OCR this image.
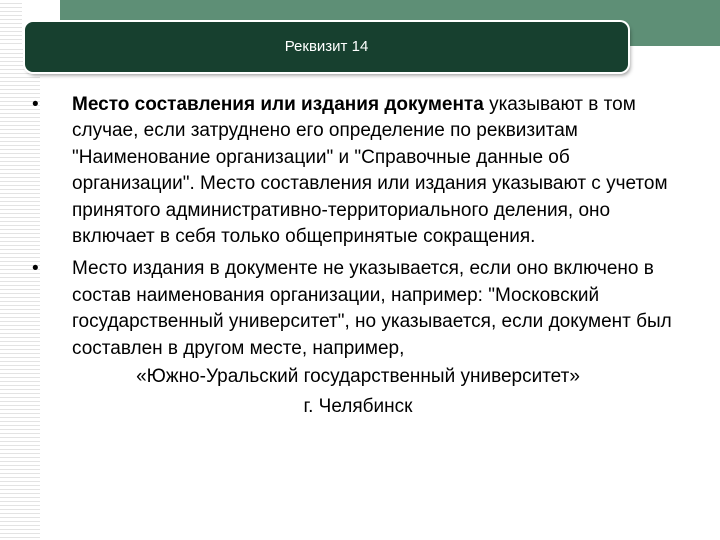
Реквизит 14
•	Место составления или издания документа указывают в том случае, если затруднено его определение по реквизитам "Наименование организации" и "Справочные данные об организации". Место составления или издания указывают с учетом принятого административно-территориального деления, оно включает в себя только общепринятые сокращения.
•	Место издания в документе не указывается, если оно включено в состав наименования организации, например: "Московский государственный университет", но указывается, если документ был составлен в другом месте, например,
«Южно-Уральский государственный университет»
г. Челябинск
